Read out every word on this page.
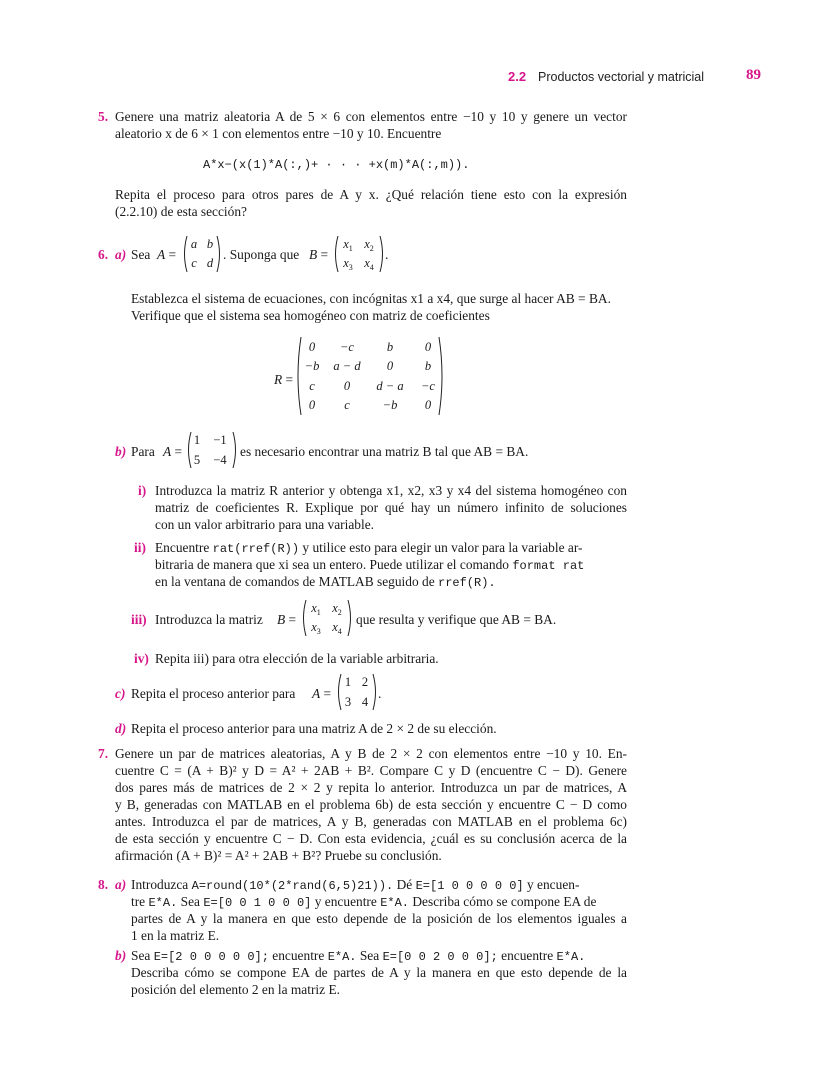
2.2 Productos vectorial y matricial	89
5. Genere una matriz aleatoria A de 5 × 6 con elementos entre −10 y 10 y genere un vector
aleatorio x de 6 × 1 con elementos entre −10 y 10. Encuentre
A*x−(x(1)*A(:,)+ · · · +x(m)*A(:,m)).
Repita el proceso para otros pares de A y x. ¿Qué relación tiene esto con la expresión
(2.2.10) de esta sección?
6. a) Sea A =
a b
c d
. Suponga que B =
$x_1$ $x_2$
$x_3$ $x_4$
.
Establezca el sistema de ecuaciones, con incógnitas x1 a x4, que surge al hacer AB = BA.
Verifique que el sistema sea homogéneo con matriz de coeficientes
R =
0	−c	b	0
−b	a − d	0	b
c	0	d − a	−c
0	c	−b	0
b) Para A =
1	−1
5	−4
es necesario encontrar una matriz B tal que AB = BA.
i) Introduzca la matriz R anterior y obtenga x1, x2, x3 y x4 del sistema homogéneo con
matriz de coeficientes R. Explique por qué hay un número infinito de soluciones
con un valor arbitrario para una variable.
ii) Encuentre rat(rref(R)) y utilice esto para elegir un valor para la variable ar-
bitraria de manera que xi sea un entero. Puede utilizar el comando format rat
en la ventana de comandos de MATLAB seguido de rref(R).
iii) Introduzca la matriz B =
$x_1$ $x_2$
$x_3$ $x_4$
que resulta y verifique que AB = BA.
iv) Repita iii) para otra elección de la variable arbitraria.
c) Repita el proceso anterior para A =
1 2
3 4
.
d) Repita el proceso anterior para una matriz A de 2 × 2 de su elección.
7. Genere un par de matrices aleatorias, A y B de 2 × 2 con elementos entre −10 y 10. En-
cuentre C = (A + B)² y D = A² + 2AB + B². Compare C y D (encuentre C − D). Genere
dos pares más de matrices de 2 × 2 y repita lo anterior. Introduzca un par de matrices, A
y B, generadas con MATLAB en el problema 6b) de esta sección y encuentre C − D como
antes. Introduzca el par de matrices, A y B, generadas con MATLAB en el problema 6c)
de esta sección y encuentre C − D. Con esta evidencia, ¿cuál es su conclusión acerca de la
afirmación (A + B)² = A² + 2AB + B²? Pruebe su conclusión.
8. a) Introduzca A=round(10*(2*rand(6,5)21)). Dé E=[1 0 0 0 0 0] y encuen-
tre E*A. Sea E=[0 0 1 0 0 0] y encuentre E*A. Describa cómo se compone EA de
partes de A y la manera en que esto depende de la posición de los elementos iguales a
1 en la matriz E.
b) Sea E=[2 0 0 0 0 0]; encuentre E*A. Sea E=[0 0 2 0 0 0]; encuentre E*A.
Describa cómo se compone EA de partes de A y la manera en que esto depende de la
posición del elemento 2 en la matriz E.
